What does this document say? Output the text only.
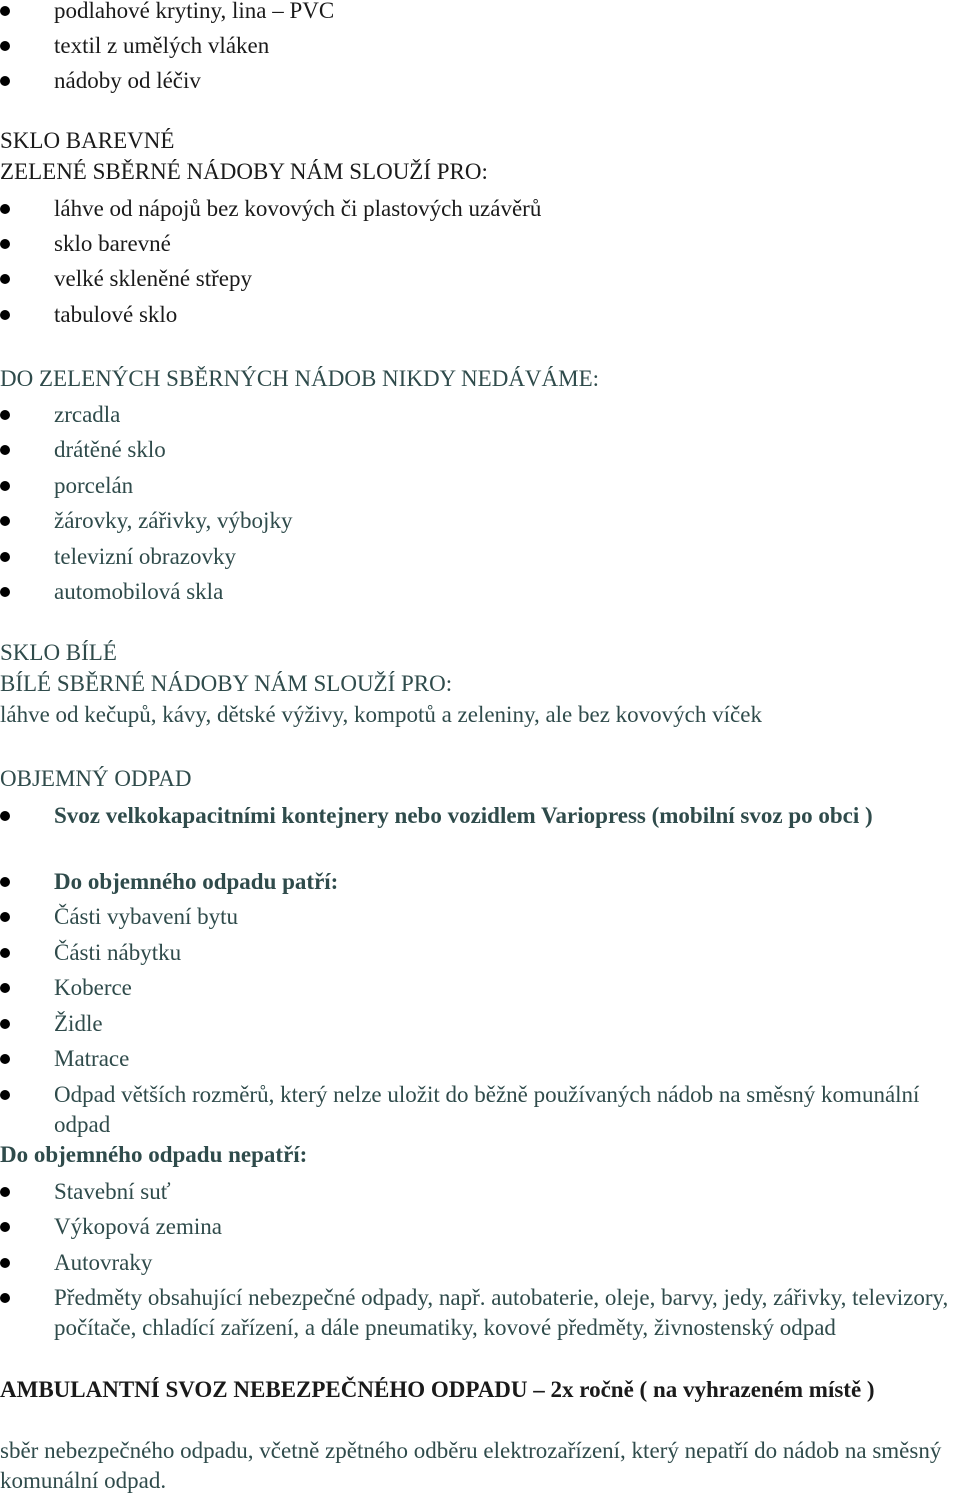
podlahové krytiny, lina – PVC
textil z umělých vláken
nádoby od léčiv
SKLO BAREVNÉ
ZELENÉ SBĚRNÉ NÁDOBY NÁM SLOUŽÍ PRO:
láhve od nápojů bez kovových či plastových uzávěrů
sklo barevné
velké skleněné střepy
tabulové sklo
DO ZELENÝCH SBĚRNÝCH NÁDOB NIKDY NEDÁVÁME:
zrcadla
drátěné sklo
porcelán
žárovky, zářivky, výbojky
televizní obrazovky
automobilová skla
SKLO BÍLÉ
BÍLÉ SBĚRNÉ NÁDOBY NÁM SLOUŽÍ PRO:
láhve od kečupů, kávy, dětské výživy, kompotů a zeleniny, ale bez kovových víček
OBJEMNÝ ODPAD
Svoz velkokapacitními kontejnery nebo vozidlem Variopress (mobilní svoz po obci )
Do objemného odpadu patří:
Části vybavení bytu
Části nábytku
Koberce
Židle
Matrace
Odpad větších rozměrů, který nelze uložit do běžně používaných nádob na směsný komunální odpad
Do objemného odpadu nepatří:
Stavební suť
Výkopová zemina
Autovraky
Předměty obsahující nebezpečné odpady, např. autobaterie, oleje, barvy, jedy, zářivky, televizory, počítače, chladící zařízení, a dále pneumatiky, kovové předměty, živnostenský odpad
AMBULANTNÍ SVOZ NEBEZPEČNÉHO ODPADU – 2x ročně ( na vyhrazeném místě )
sběr nebezpečného odpadu, včetně zpětného odběru elektrozařízení, který nepatří do nádob na směsný komunální odpad.
